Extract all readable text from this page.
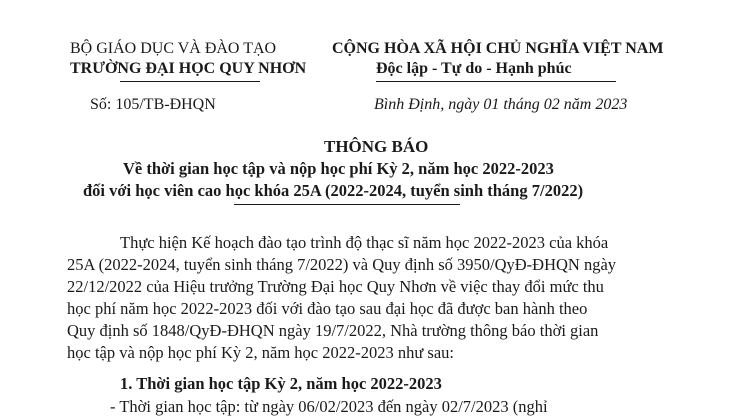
BỘ GIÁO DỤC VÀ ĐÀO TẠO
TRƯỜNG ĐẠI HỌC QUY NHƠN
Số: 105/TB-ĐHQN
CỘNG HÒA XÃ HỘI CHỦ NGHĨA VIỆT NAM
Độc lập - Tự do - Hạnh phúc
Bình Định, ngày 01 tháng 02 năm 2023
THÔNG BÁO
Về thời gian học tập và nộp học phí Kỳ 2, năm học 2022-2023
đối với học viên cao học khóa 25A (2022-2024, tuyển sinh tháng 7/2022)
Thực hiện Kế hoạch đào tạo trình độ thạc sĩ năm học 2022-2023 của khóa
25A (2022-2024, tuyển sinh tháng 7/2022) và Quy định số 3950/QyĐ-ĐHQN ngày
22/12/2022 của Hiệu trưởng Trường Đại học Quy Nhơn về việc thay đổi mức thu
học phí năm học 2022-2023 đối với đào tạo sau đại học đã được ban hành theo
Quy định số 1848/QyĐ-ĐHQN ngày 19/7/2022, Nhà trường thông báo thời gian
học tập và nộp học phí Kỳ 2, năm học 2022-2023 như sau:
1. Thời gian học tập Kỳ 2, năm học 2022-2023
- Thời gian học tập: từ ngày 06/02/2023 đến ngày 02/7/2023 (nghỉ
